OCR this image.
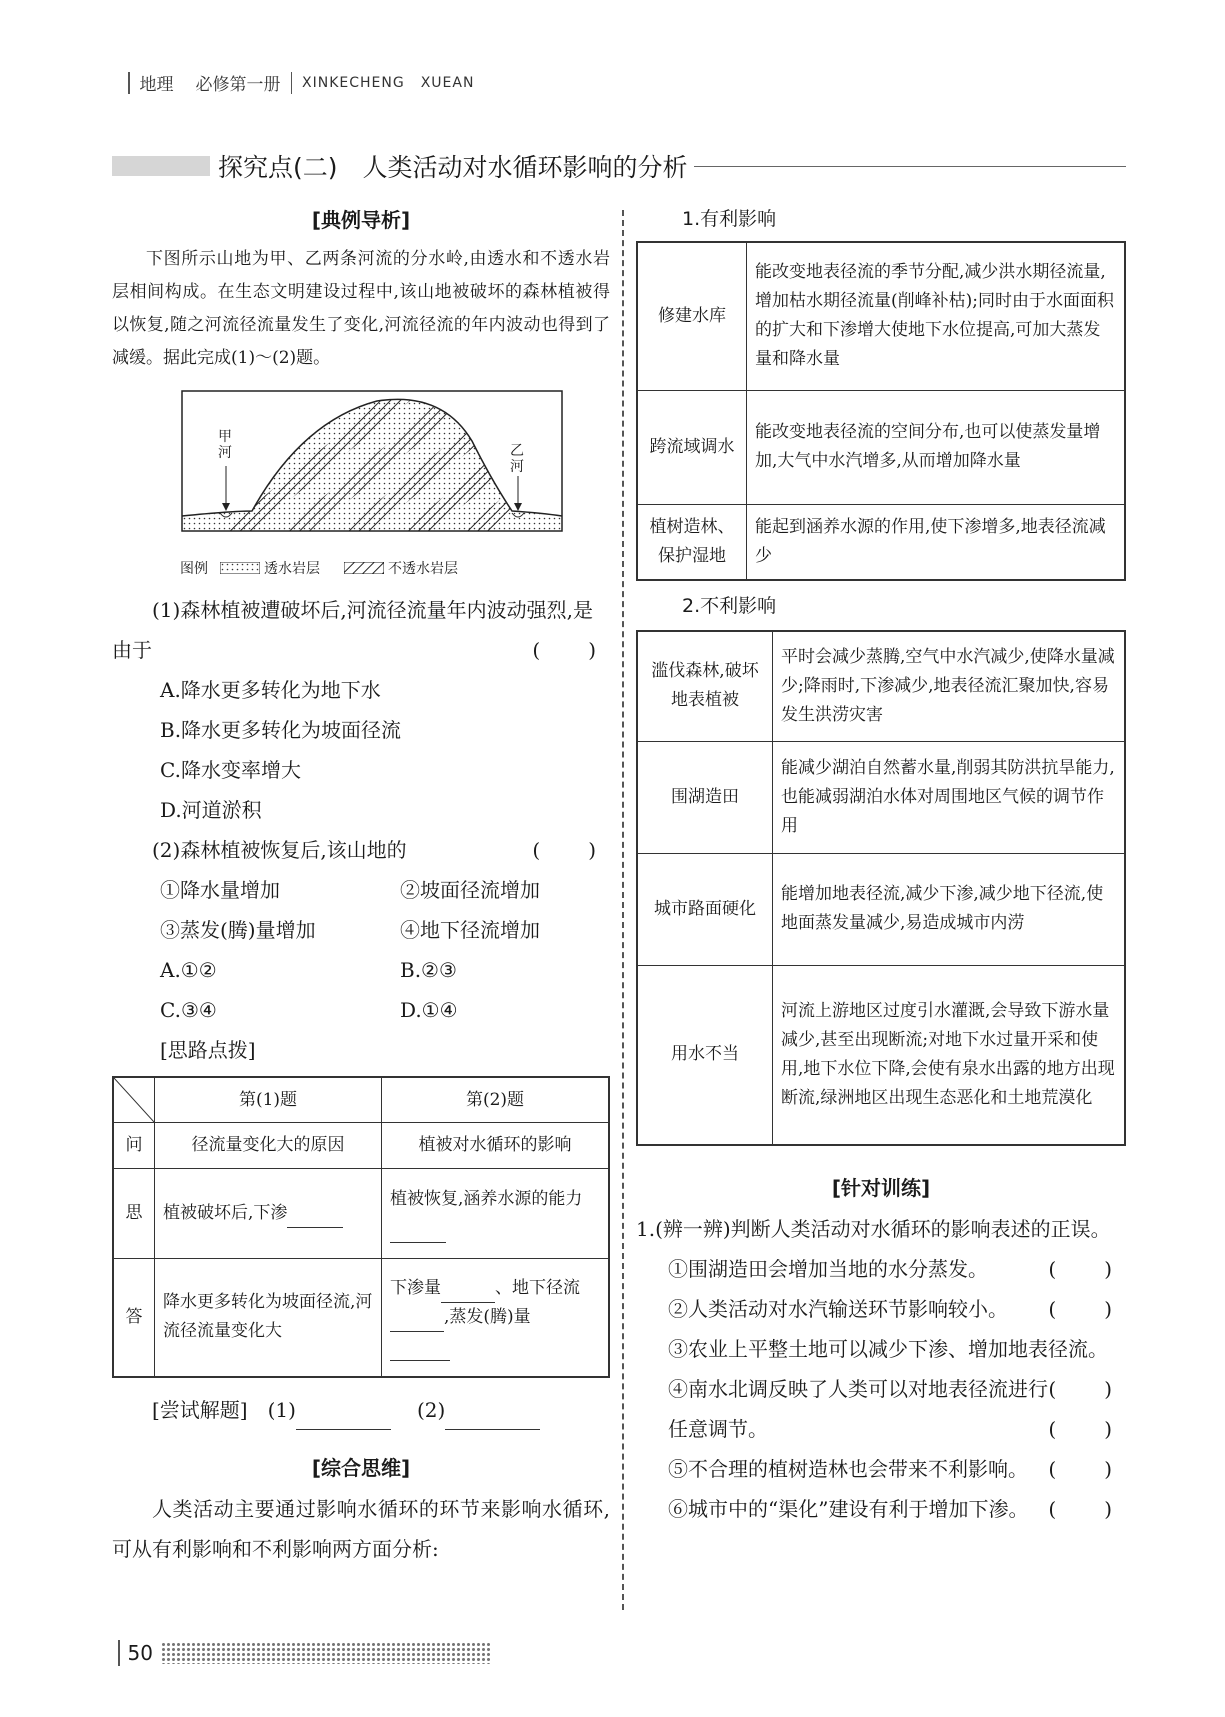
地理 必修第一册 XINKECHENG XUEAN
探究点(二)　人类活动对水循环影响的分析
[典例导析]
下图所示山地为甲、乙两条河流的分水岭,由透水和不透水岩层相间构成。在生态文明建设过程中,该山地被破坏的森林植被得以恢复,随之河流径流量发生了变化,河流径流的年内波动也得到了减缓。据此完成(1)～(2)题。
甲河	乙河
图例	透水岩层	不透水岩层
(1)森林植被遭破坏后,河流径流量年内波动强烈,是由于	(　)
A.降水更多转化为地下水
B.降水更多转化为坡面径流
C.降水变率增大
D.河道淤积
(2)森林植被恢复后,该山地的	(　)
①降水量增加	②坡面径流增加
③蒸发(腾)量增加	④地下径流增加
A.①②	B.②③
C.③④	D.①④
[思路点拨]
	第(1)题	第(2)题
问	径流量变化大的原因	植被对水循环的影响
思	植被破坏后,下渗	植被恢复,涵养水源的能力
答	降水更多转化为坡面径流,河流径流量变化大	下渗量 、地下径流,蒸发(腾)量

[尝试解题] (1)	(2)
[综合思维]
人类活动主要通过影响水循环的环节来影响水循环,可从有利影响和不利影响两方面分析:
1.有利影响
修建水库	能改变地表径流的季节分配,减少洪水期径流量,增加枯水期径流量(削峰补枯);同时由于水面面积的扩大和下渗增大使地下水位提高,可加大蒸发量和降水量
跨流域调水	能改变地表径流的空间分布,也可以使蒸发量增加,大气中水汽增多,从而增加降水量
植树造林、保护湿地	能起到涵养水源的作用,使下渗增多,地表径流减少
2.不利影响
滥伐森林,破坏地表植被	平时会减少蒸腾,空气中水汽减少,使降水量减少;降雨时,下渗减少,地表径流汇聚加快,容易发生洪涝灾害
围湖造田	能减少湖泊自然蓄水量,削弱其防洪抗旱能力,也能减弱湖泊水体对周围地区气候的调节作用
城市路面硬化	能增加地表径流,减少下渗,减少地下径流,使地面蒸发量减少,易造成城市内涝
用水不当	河流上游地区过度引水灌溉,会导致下游水量减少,甚至出现断流;对地下水过量开采和使用,地下水位下降,会使有泉水出露的地方出现断流,绿洲地区出现生态恶化和土地荒漠化
[针对训练]
1.(辨一辨)判断人类活动对水循环的影响表述的正误。
①围湖造田会增加当地的水分蒸发。	(　)
②人类活动对水汽输送环节影响较小。 (　)
③农业上平整土地可以减少下渗、增加地表径流。
(　)
④南水北调反映了人类可以对地表径流进行任意调节。	(　)
⑤不合理的植树造林也会带来不利影响。 (　)
⑥城市中的“渠化”建设有利于增加下渗。 (　)
50
